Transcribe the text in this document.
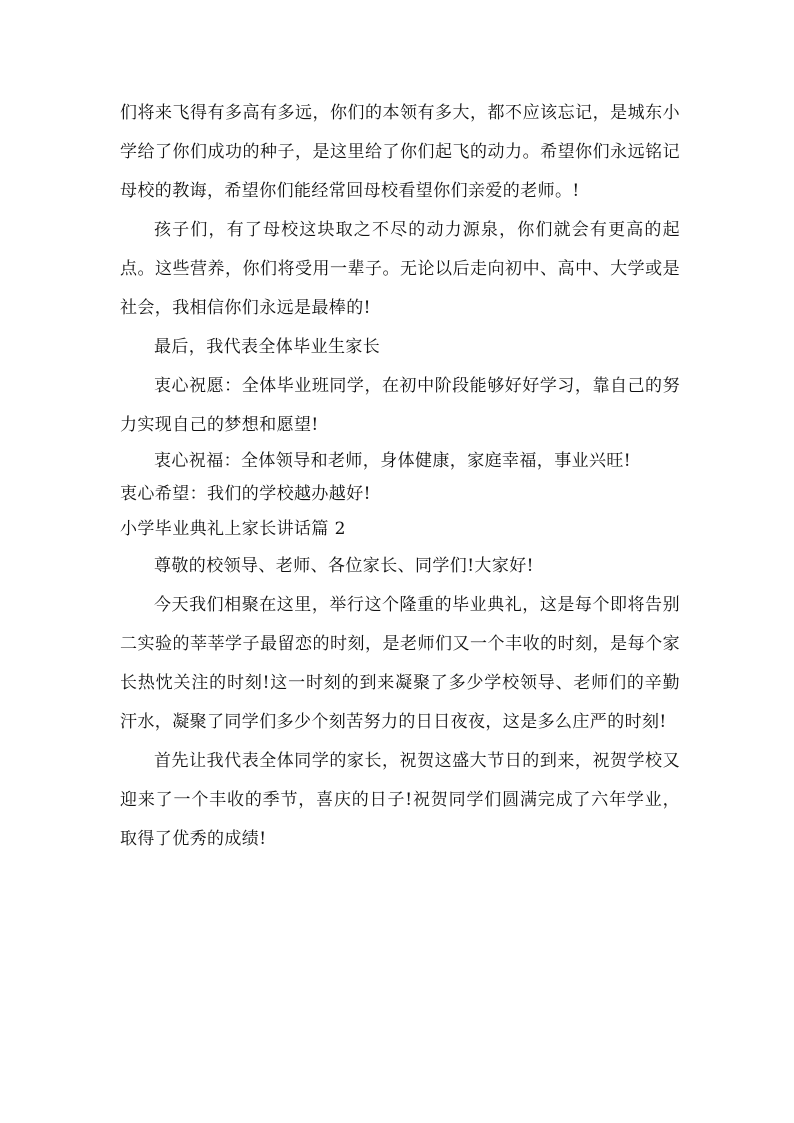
们将来飞得有多高有多远，你们的本领有多大，都不应该忘记，是城东小学给了你们成功的种子，是这里给了你们起飞的动力。希望你们永远铭记母校的教诲，希望你们能经常回母校看望你们亲爱的老师。!

孩子们，有了母校这块取之不尽的动力源泉，你们就会有更高的起点。这些营养，你们将受用一辈子。无论以后走向初中、高中、大学或是社会，我相信你们永远是最棒的!

最后，我代表全体毕业生家长

衷心祝愿：全体毕业班同学，在初中阶段能够好好学习，靠自己的努力实现自己的梦想和愿望!

衷心祝福：全体领导和老师，身体健康，家庭幸福，事业兴旺!

衷心希望：我们的学校越办越好!

小学毕业典礼上家长讲话篇 2

尊敬的校领导、老师、各位家长、同学们!大家好!

今天我们相聚在这里，举行这个隆重的毕业典礼，这是每个即将告别二实验的莘莘学子最留恋的时刻，是老师们又一个丰收的时刻，是每个家长热忱关注的时刻!这一时刻的到来凝聚了多少学校领导、老师们的辛勤汗水，凝聚了同学们多少个刻苦努力的日日夜夜，这是多么庄严的时刻!

首先让我代表全体同学的家长，祝贺这盛大节日的到来，祝贺学校又迎来了一个丰收的季节，喜庆的日子!祝贺同学们圆满完成了六年学业，取得了优秀的成绩!
